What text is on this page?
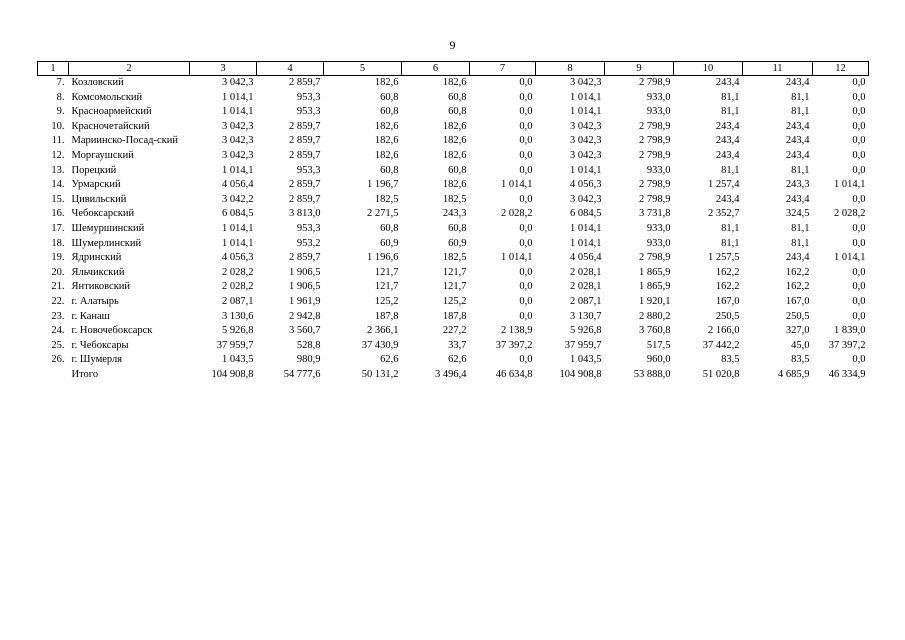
9
1	2	3	4	5	6	7	8	9	10	11	12
7.	Козловский	3 042,3	2 859,7	182,6	182,6	0,0	3 042,3	2 798,9	243,4	243,4	0,0
8.	Комсомольский	1 014,1	953,3	60,8	60,8	0,0	1 014,1	933,0	81,1	81,1	0,0
9.	Красноармейский	1 014,1	953,3	60,8	60,8	0,0	1 014,1	933,0	81,1	81,1	0,0
10.	Красночетайский	3 042,3	2 859,7	182,6	182,6	0,0	3 042,3	2 798,9	243,4	243,4	0,0
11.	Мариинско-Посад-ский	3 042,3	2 859,7	182,6	182,6	0,0	3 042,3	2 798,9	243,4	243,4	0,0
12.	Моргаушский	3 042,3	2 859,7	182,6	182,6	0,0	3 042,3	2 798,9	243,4	243,4	0,0
13.	Порецкий	1 014,1	953,3	60,8	60,8	0,0	1 014,1	933,0	81,1	81,1	0,0
14.	Урмарский	4 056,4	2 859,7	1 196,7	182,6	1 014,1	4 056,3	2 798,9	1 257,4	243,3	1 014,1
15.	Цивильский	3 042,2	2 859,7	182,5	182,5	0,0	3 042,3	2 798,9	243,4	243,4	0,0
16.	Чебоксарский	6 084,5	3 813,0	2 271,5	243,3	2 028,2	6 084,5	3 731,8	2 352,7	324,5	2 028,2
17.	Шемуршинский	1 014,1	953,3	60,8	60,8	0,0	1 014,1	933,0	81,1	81,1	0,0
18.	Шумерлинский	1 014,1	953,2	60,9	60,9	0,0	1 014,1	933,0	81,1	81,1	0,0
19.	Ядринский	4 056,3	2 859,7	1 196,6	182,5	1 014,1	4 056,4	2 798,9	1 257,5	243,4	1 014,1
20.	Яльчикский	2 028,2	1 906,5	121,7	121,7	0,0	2 028,1	1 865,9	162,2	162,2	0,0
21.	Янтиковский	2 028,2	1 906,5	121,7	121,7	0,0	2 028,1	1 865,9	162,2	162,2	0,0
22.	г. Алатырь	2 087,1	1 961,9	125,2	125,2	0,0	2 087,1	1 920,1	167,0	167,0	0,0
23.	г. Канаш	3 130,6	2 942,8	187,8	187,8	0,0	3 130,7	2 880,2	250,5	250,5	0,0
24.	г. Новочебоксарск	5 926,8	3 560,7	2 366,1	227,2	2 138,9	5 926,8	3 760,8	2 166,0	327,0	1 839,0
25.	г. Чебоксары	37 959,7	528,8	37 430,9	33,7	37 397,2	37 959,7	517,5	37 442,2	45,0	37 397,2
26.	г. Шумерля	1 043,5	980,9	62,6	62,6	0,0	1 043,5	960,0	83,5	83,5	0,0
	Итого	104 908,8	54 777,6	50 131,2	3 496,4	46 634,8	104 908,8	53 888,0	51 020,8	4 685,9	46 334,9
